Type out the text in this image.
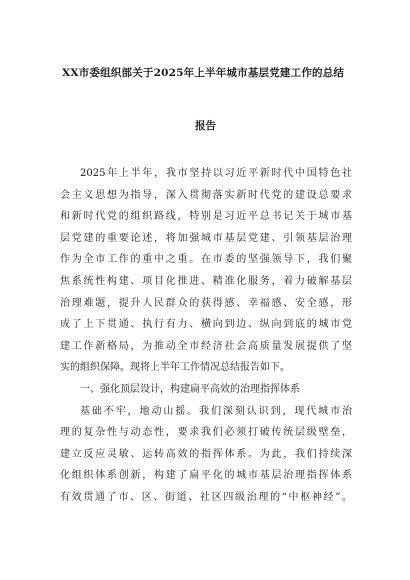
XX市委组织部关于2025年上半年城市基层党建工作的总结
报告
2025年上半年，我市坚持以习近平新时代中国特色社
会主义思想为指导，深入贯彻落实新时代党的建设总要求
和新时代党的组织路线，特别是习近平总书记关于城市基
层党建的重要论述，将加强城市基层党建、引领基层治理
作为全市工作的重中之重。在市委的坚强领导下，我们聚
焦系统性构建、项目化推进、精准化服务，着力破解基层
治理难题，提升人民群众的获得感、幸福感、安全感，形
成了上下贯通、执行有力、横向到边、纵向到底的城市党
建工作新格局，为推动全市经济社会高质量发展提供了坚
实的组织保障。现将上半年工作情况总结报告如下。
一、强化顶层设计，构建扁平高效的治理指挥体系
基础不牢，地动山摇。我们深刻认识到，现代城市治
理的复杂性与动态性，要求我们必须打破传统层级壁垒，
建立反应灵敏、运转高效的指挥体系。为此，我们持续深
化组织体系创新，构建了扁平化的城市基层治理指挥体系
有效贯通了市、区、街道、社区四级治理的“中枢神经”。
